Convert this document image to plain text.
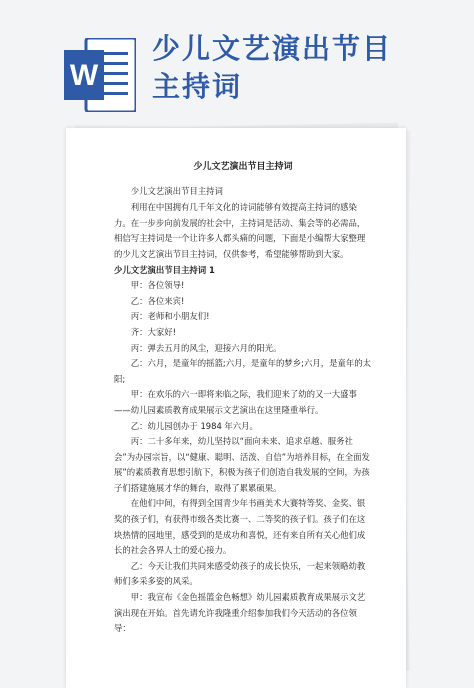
W
少儿文艺演出节目
主持词

少儿文艺演出节目主持词

少儿文艺演出节目主持词

利用在中国拥有几千年文化的诗词能够有效提高主持词的感染力。在一步步向前发展的社会中，主持词是活动、集会等的必需品，相信写主持词是一个让许多人都头痛的问题，下面是小编帮大家整理的少儿文艺演出节目主持词，仅供参考，希望能够帮助到大家。

少儿文艺演出节目主持词 1

甲：各位领导!

乙：各位来宾!

丙：老师和小朋友们!

齐：大家好!

丙：弹去五月的风尘，迎接六月的阳光。

乙：六月，是童年的摇篮;六月，是童年的梦乡;六月，是童年的太阳;

甲：在欢乐的六一即将来临之际，我们迎来了幼的又一大盛事——幼儿园素质教育成果展示文艺演出在这里隆重举行。

乙：幼儿园创办于 1984 年六月。

丙：二十多年来，幼儿坚持以“面向未来、追求卓越、服务社会”为办园宗旨，以“健康、聪明、活泼、自信”为培养目标，在全面发展”的素质教育思想引航下，积极为孩子们创造自我发展的空间，为孩子们搭建施展才华的舞台，取得了累累硕果。

在他们中间，有得到全国青少年书画美术大赛特等奖、金奖、银奖的孩子们，有获得市级各类比赛一、二等奖的孩子们。孩子们在这块热情的园地里，感受到的是成功和喜悦，还有来自所有关心他们成长的社会各界人士的爱心接力。

乙：今天让我们共同来感受幼孩子的成长快乐，一起来领略幼教师们多采多姿的风采。

甲：我宣布《金色摇篮金色畅想》幼儿园素质教育成果展示文艺演出现在开始。首先请允许我隆重介绍参加我们今天活动的各位领导：
